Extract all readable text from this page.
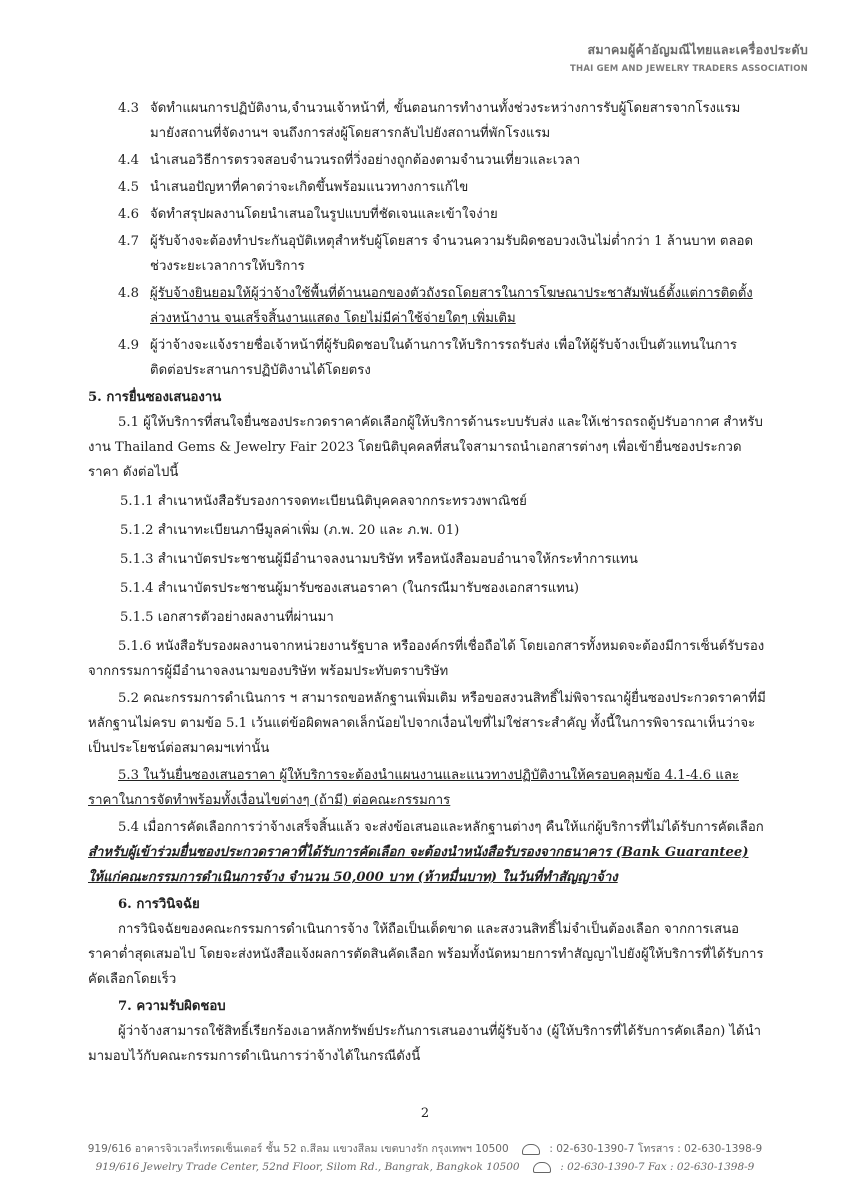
สมาคมผู้ค้าอัญมณีไทยและเครื่องประดับ
THAI GEM AND JEWELRY TRADERS ASSOCIATION
4.3 จัดทำแผนการปฏิบัติงาน,จำนวนเจ้าหน้าที่, ขั้นตอนการทำงานทั้งช่วงระหว่างการรับผู้โดยสารจากโรงแรมมายังสถานที่จัดงานฯ จนถึงการส่งผู้โดยสารกลับไปยังสถานที่พักโรงแรม
4.4 นำเสนอวิธีการตรวจสอบจำนวนรถที่วิ่งอย่างถูกต้องตามจำนวนเที่ยวและเวลา
4.5 นำเสนอปัญหาที่คาดว่าจะเกิดขึ้นพร้อมแนวทางการแก้ไข
4.6 จัดทำสรุปผลงานโดยนำเสนอในรูปแบบที่ชัดเจนและเข้าใจง่าย
4.7 ผู้รับจ้างจะต้องทำประกันอุบัติเหตุสำหรับผู้โดยสาร จำนวนความรับผิดชอบวงเงินไม่ต่ำกว่า 1 ล้านบาท ตลอดช่วงระยะเวลาการให้บริการ
4.8 ผู้รับจ้างยินยอมให้ผู้ว่าจ้างใช้พื้นที่ด้านนอกของตัวถังรถโดยสารในการโฆษณาประชาสัมพันธ์ตั้งแต่การติดตั้งล่วงหน้างาน จนเสร็จสิ้นงานแสดง โดยไม่มีค่าใช้จ่ายใดๆ เพิ่มเติม
4.9 ผู้ว่าจ้างจะแจ้งรายชื่อเจ้าหน้าที่ผู้รับผิดชอบในด้านการให้บริการรถรับส่ง เพื่อให้ผู้รับจ้างเป็นตัวแทนในการติดต่อประสานการปฏิบัติงานได้โดยตรง
5. การยื่นซองเสนองาน
5.1 ผู้ให้บริการที่สนใจยื่นซองประกวดราคาคัดเลือกผู้ให้บริการด้านระบบรับส่ง และให้เช่ารถรถตู้ปรับอากาศ สำหรับงาน Thailand Gems & Jewelry Fair 2023 โดยนิติบุคคลที่สนใจสามารถนำเอกสารต่างๆ เพื่อเข้ายื่นซองประกวดราคา ดังต่อไปนี้
5.1.1 สำเนาหนังสือรับรองการจดทะเบียนนิติบุคคลจากกระทรวงพาณิชย์
5.1.2 สำเนาทะเบียนภาษีมูลค่าเพิ่ม (ภ.พ. 20 และ ภ.พ. 01)
5.1.3 สำเนาบัตรประชาชนผู้มีอำนาจลงนามบริษัท หรือหนังสือมอบอำนาจให้กระทำการแทน
5.1.4 สำเนาบัตรประชาชนผู้มารับซองเสนอราคา (ในกรณีมารับซองเอกสารแทน)
5.1.5 เอกสารตัวอย่างผลงานที่ผ่านมา
5.1.6 หนังสือรับรองผลงานจากหน่วยงานรัฐบาล หรือองค์กรที่เชื่อถือได้ โดยเอกสารทั้งหมดจะต้องมีการเซ็นต์รับรองจากกรรมการผู้มีอำนาจลงนามของบริษัท พร้อมประทับตราบริษัท
5.2 คณะกรรมการดำเนินการ ฯ สามารถขอหลักฐานเพิ่มเติม หรือขอสงวนสิทธิ์ไม่พิจารณาผู้ยื่นซองประกวดราคาที่มีหลักฐานไม่ครบ ตามข้อ 5.1 เว้นแต่ข้อผิดพลาดเล็กน้อยไปจากเงื่อนไขที่ไม่ใช่สาระสำคัญ ทั้งนี้ในการพิจารณาเห็นว่าจะเป็นประโยชน์ต่อสมาคมฯเท่านั้น
5.3 ในวันยื่นซองเสนอราคา ผู้ให้บริการจะต้องนำแผนงานและแนวทางปฏิบัติงานให้ครอบคลุมข้อ 4.1-4.6 และราคาในการจัดทำพร้อมทั้งเงื่อนไขต่างๆ (ถ้ามี) ต่อคณะกรรมการ
5.4 เมื่อการคัดเลือกการว่าจ้างเสร็จสิ้นแล้ว จะส่งข้อเสนอและหลักฐานต่างๆ คืนให้แก่ผู้บริการที่ไม่ได้รับการคัดเลือก สำหรับผู้เข้าร่วมยื่นซองประกวดราคาที่ได้รับการคัดเลือก จะต้องนำหนังสือรับรองจากธนาคาร (Bank Guarantee) ให้แก่คณะกรรมการดำเนินการจ้าง จำนวน 50,000 บาท (ห้าหมื่นบาท) ในวันที่ทำสัญญาจ้าง
6. การวินิจฉัย
การวินิจฉัยของคณะกรรมการดำเนินการจ้าง ให้ถือเป็นเด็ดขาด และสงวนสิทธิ์ไม่จำเป็นต้องเลือก จากการเสนอราคาต่ำสุดเสมอไป โดยจะส่งหนังสือแจ้งผลการตัดสินคัดเลือก พร้อมทั้งนัดหมายการทำสัญญาไปยังผู้ให้บริการที่ได้รับการคัดเลือกโดยเร็ว
7. ความรับผิดชอบ
ผู้ว่าจ้างสามารถใช้สิทธิ์เรียกร้องเอาหลักทรัพย์ประกันการเสนองานที่ผู้รับจ้าง (ผู้ให้บริการที่ได้รับการคัดเลือก) ได้นำมามอบไว้กับคณะกรรมการดำเนินการว่าจ้างได้ในกรณีดังนี้
2
919/616 อาคารจิวเวลรี่เทรดเซ็นเตอร์ ชั้น 52 ถ.สีลม แขวงสีลม เขตบางรัก กรุงเทพฯ 10500	: 02-630-1390-7 โทรสาร : 02-630-1398-9
919/616 Jewelry Trade Center, 52nd Floor, Silom Rd., Bangrak, Bangkok 10500	: 02-630-1390-7 Fax : 02-630-1398-9
